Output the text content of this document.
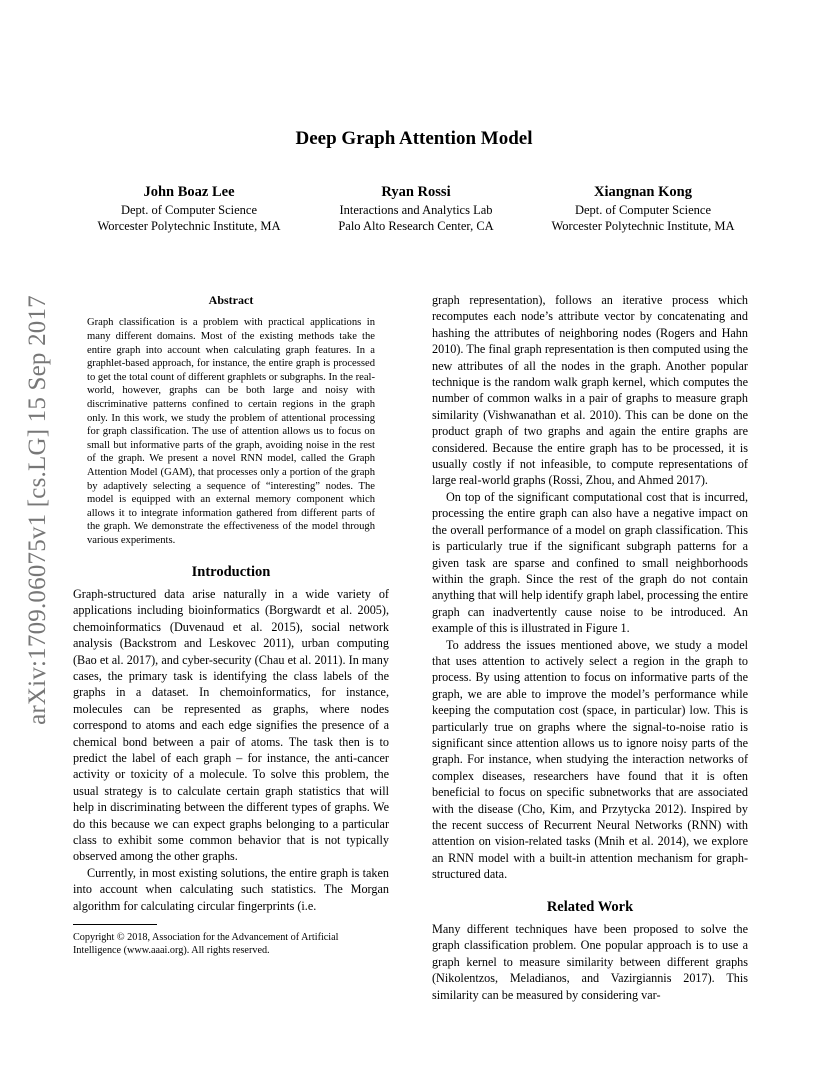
arXiv:1709.06075v1 [cs.LG] 15 Sep 2017
Deep Graph Attention Model
John Boaz Lee
Dept. of Computer Science
Worcester Polytechnic Institute, MA
Ryan Rossi
Interactions and Analytics Lab
Palo Alto Research Center, CA
Xiangnan Kong
Dept. of Computer Science
Worcester Polytechnic Institute, MA
Abstract

Graph classification is a problem with practical applications in many different domains. Most of the existing methods take the entire graph into account when calculating graph features. In a graphlet-based approach, for instance, the entire graph is processed to get the total count of different graphlets or subgraphs. In the real-world, however, graphs can be both large and noisy with discriminative patterns confined to certain regions in the graph only. In this work, we study the problem of attentional processing for graph classification. The use of attention allows us to focus on small but informative parts of the graph, avoiding noise in the rest of the graph. We present a novel RNN model, called the Graph Attention Model (GAM), that processes only a portion of the graph by adaptively selecting a sequence of “interesting” nodes. The model is equipped with an external memory component which allows it to integrate information gathered from different parts of the graph. We demonstrate the effectiveness of the model through various experiments.

Introduction

Graph-structured data arise naturally in a wide variety of applications including bioinformatics (Borgwardt et al. 2005), chemoinformatics (Duvenaud et al. 2015), social network analysis (Backstrom and Leskovec 2011), urban computing (Bao et al. 2017), and cyber-security (Chau et al. 2011). In many cases, the primary task is identifying the class labels of the graphs in a dataset. In chemoinformatics, for instance, molecules can be represented as graphs, where nodes correspond to atoms and each edge signifies the presence of a chemical bond between a pair of atoms. The task then is to predict the label of each graph – for instance, the anti-cancer activity or toxicity of a molecule. To solve this problem, the usual strategy is to calculate certain graph statistics that will help in discriminating between the different types of graphs. We do this because we can expect graphs belonging to a particular class to exhibit some common behavior that is not typically observed among the other graphs.

Currently, in most existing solutions, the entire graph is taken into account when calculating such statistics. The Morgan algorithm for calculating circular fingerprints (i.e.

Copyright © 2018, Association for the Advancement of Artificial Intelligence (www.aaai.org). All rights reserved.

graph representation), follows an iterative process which recomputes each node’s attribute vector by concatenating and hashing the attributes of neighboring nodes (Rogers and Hahn 2010). The final graph representation is then computed using the new attributes of all the nodes in the graph. Another popular technique is the random walk graph kernel, which computes the number of common walks in a pair of graphs to measure graph similarity (Vishwanathan et al. 2010). This can be done on the product graph of two graphs and again the entire graphs are considered. Because the entire graph has to be processed, it is usually costly if not infeasible, to compute representations of large real-world graphs (Rossi, Zhou, and Ahmed 2017).

On top of the significant computational cost that is incurred, processing the entire graph can also have a negative impact on the overall performance of a model on graph classification. This is particularly true if the significant subgraph patterns for a given task are sparse and confined to small neighborhoods within the graph. Since the rest of the graph do not contain anything that will help identify graph label, processing the entire graph can inadvertently cause noise to be introduced. An example of this is illustrated in Figure 1.

To address the issues mentioned above, we study a model that uses attention to actively select a region in the graph to process. By using attention to focus on informative parts of the graph, we are able to improve the model’s performance while keeping the computation cost (space, in particular) low. This is particularly true on graphs where the signal-to-noise ratio is significant since attention allows us to ignore noisy parts of the graph. For instance, when studying the interaction networks of complex diseases, researchers have found that it is often beneficial to focus on specific subnetworks that are associated with the disease (Cho, Kim, and Przytycka 2012). Inspired by the recent success of Recurrent Neural Networks (RNN) with attention on vision-related tasks (Mnih et al. 2014), we explore an RNN model with a built-in attention mechanism for graph-structured data.

Related Work

Many different techniques have been proposed to solve the graph classification problem. One popular approach is to use a graph kernel to measure similarity between different graphs (Nikolentzos, Meladianos, and Vazirgiannis 2017). This similarity can be measured by considering var-
